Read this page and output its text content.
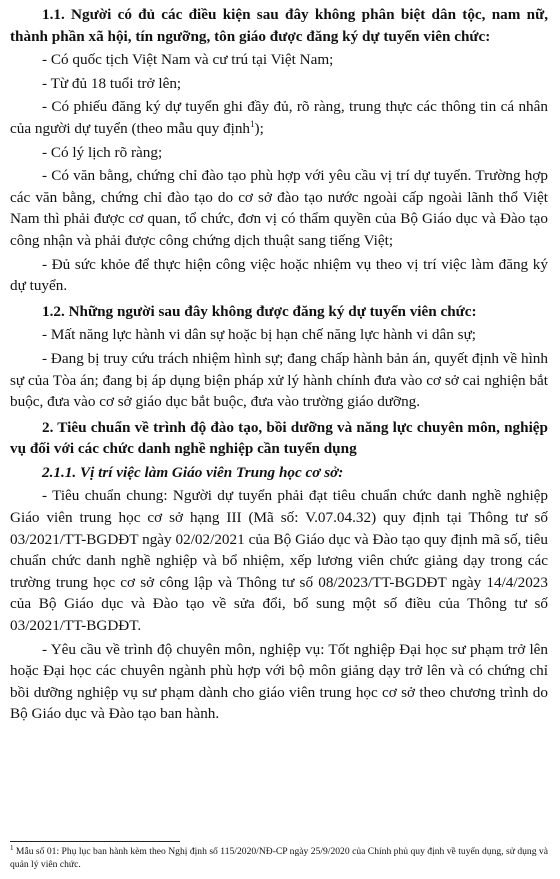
1.1. Người có đủ các điều kiện sau đây không phân biệt dân tộc, nam nữ, thành phần xã hội, tín ngưỡng, tôn giáo được đăng ký dự tuyển viên chức:

- Có quốc tịch Việt Nam và cư trú tại Việt Nam;

- Từ đủ 18 tuổi trở lên;

- Có phiếu đăng ký dự tuyển ghi đầy đủ, rõ ràng, trung thực các thông tin cá nhân của người dự tuyển (theo mẫu quy định$^1$);

- Có lý lịch rõ ràng;

- Có văn bằng, chứng chỉ đào tạo phù hợp với yêu cầu vị trí dự tuyển. Trường hợp các văn bằng, chứng chỉ đào tạo do cơ sở đào tạo nước ngoài cấp ngoài lãnh thổ Việt Nam thì phải được cơ quan, tổ chức, đơn vị có thẩm quyền của Bộ Giáo dục và Đào tạo công nhận và phải được công chứng dịch thuật sang tiếng Việt;

- Đủ sức khỏe để thực hiện công việc hoặc nhiệm vụ theo vị trí việc làm đăng ký dự tuyển.

1.2. Những người sau đây không được đăng ký dự tuyển viên chức:

- Mất năng lực hành vi dân sự hoặc bị hạn chế năng lực hành vi dân sự;

- Đang bị truy cứu trách nhiệm hình sự; đang chấp hành bản án, quyết định về hình sự của Tòa án; đang bị áp dụng biện pháp xử lý hành chính đưa vào cơ sở cai nghiện bắt buộc, đưa vào cơ sở giáo dục bắt buộc, đưa vào trường giáo dưỡng.

2. Tiêu chuẩn về trình độ đào tạo, bồi dưỡng và năng lực chuyên môn, nghiệp vụ đối với các chức danh nghề nghiệp cần tuyển dụng

2.1.1. Vị trí việc làm Giáo viên Trung học cơ sở:

- Tiêu chuẩn chung: Người dự tuyển phải đạt tiêu chuẩn chức danh nghề nghiệp Giáo viên trung học cơ sở hạng III (Mã số: V.07.04.32) quy định tại Thông tư số 03/2021/TT-BGDĐT ngày 02/02/2021 của Bộ Giáo dục và Đào tạo quy định mã số, tiêu chuẩn chức danh nghề nghiệp và bổ nhiệm, xếp lương viên chức giảng dạy trong các trường trung học cơ sở công lập và Thông tư số 08/2023/TT-BGDĐT ngày 14/4/2023 của Bộ Giáo dục và Đào tạo về sửa đổi, bổ sung một số điều của Thông tư số 03/2021/TT-BGDĐT.

- Yêu cầu về trình độ chuyên môn, nghiệp vụ: Tốt nghiệp Đại học sư phạm trở lên hoặc Đại học các chuyên ngành phù hợp với bộ môn giảng dạy trở lên và có chứng chỉ bồi dưỡng nghiệp vụ sư phạm dành cho giáo viên trung học cơ sở theo chương trình do Bộ Giáo dục và Đào tạo ban hành.

$^1$ Mẫu số 01: Phụ lục ban hành kèm theo Nghị định số 115/2020/NĐ-CP ngày 25/9/2020 của Chính phủ quy định về tuyển dụng, sử dụng và quản lý viên chức.
